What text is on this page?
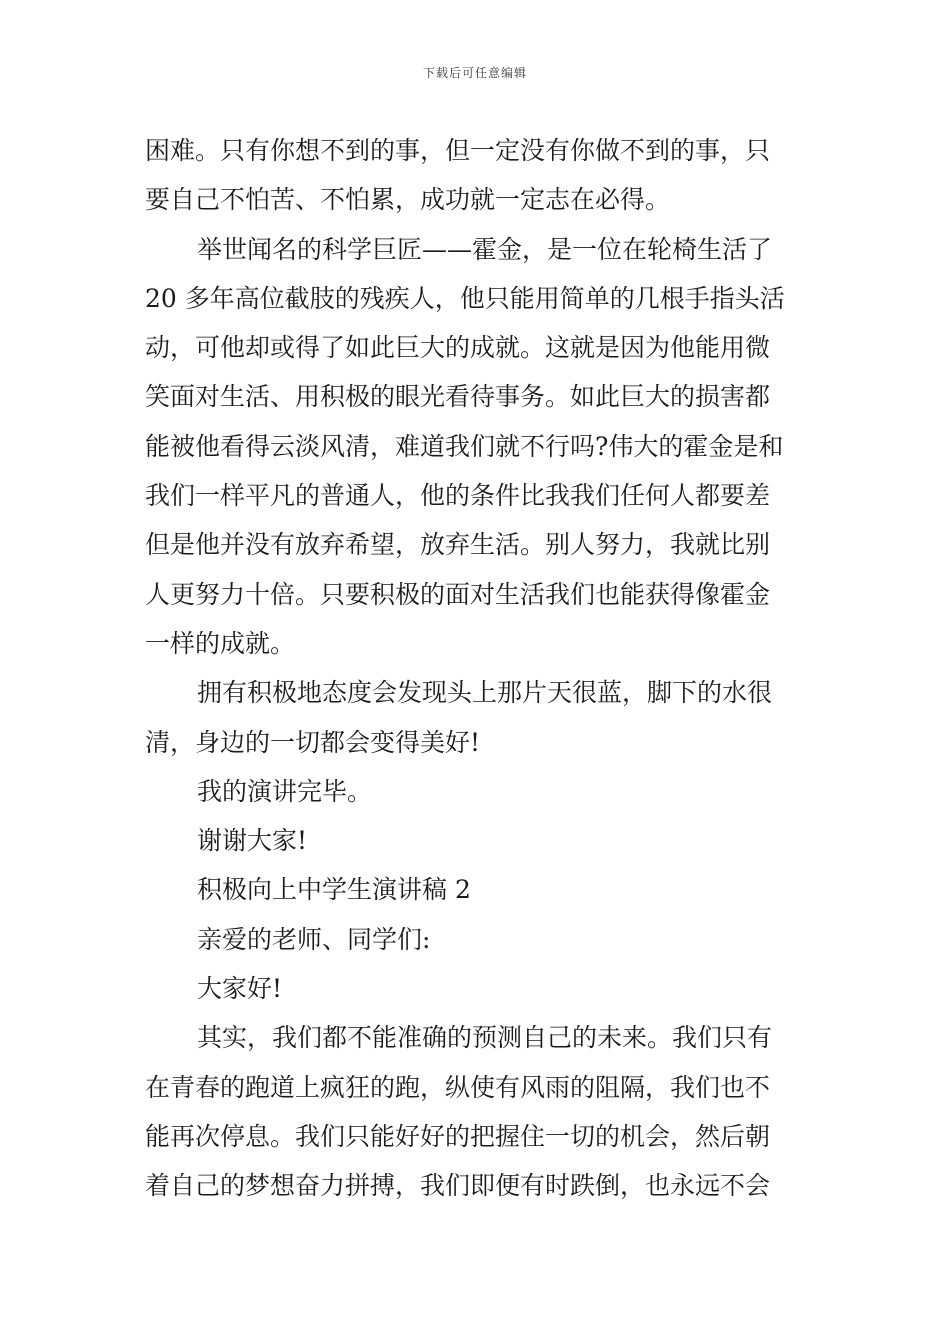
下载后可任意编辑
困难。只有你想不到的事，但一定没有你做不到的事，只
要自己不怕苦、不怕累，成功就一定志在必得。
举世闻名的科学巨匠——霍金，是一位在轮椅生活了
20 多年高位截肢的残疾人，他只能用简单的几根手指头活
动，可他却或得了如此巨大的成就。这就是因为他能用微
笑面对生活、用积极的眼光看待事务。如此巨大的损害都
能被他看得云淡风清，难道我们就不行吗?伟大的霍金是和
我们一样平凡的普通人，他的条件比我我们任何人都要差
但是他并没有放弃希望，放弃生活。别人努力，我就比别
人更努力十倍。只要积极的面对生活我们也能获得像霍金
一样的成就。
拥有积极地态度会发现头上那片天很蓝，脚下的水很
清，身边的一切都会变得美好!
我的演讲完毕。
谢谢大家!
积极向上中学生演讲稿 2
亲爱的老师、同学们:
大家好!
其实，我们都不能准确的预测自己的未来。我们只有
在青春的跑道上疯狂的跑，纵使有风雨的阻隔，我们也不
能再次停息。我们只能好好的把握住一切的机会，然后朝
着自己的梦想奋力拼搏，我们即便有时跌倒，也永远不会
